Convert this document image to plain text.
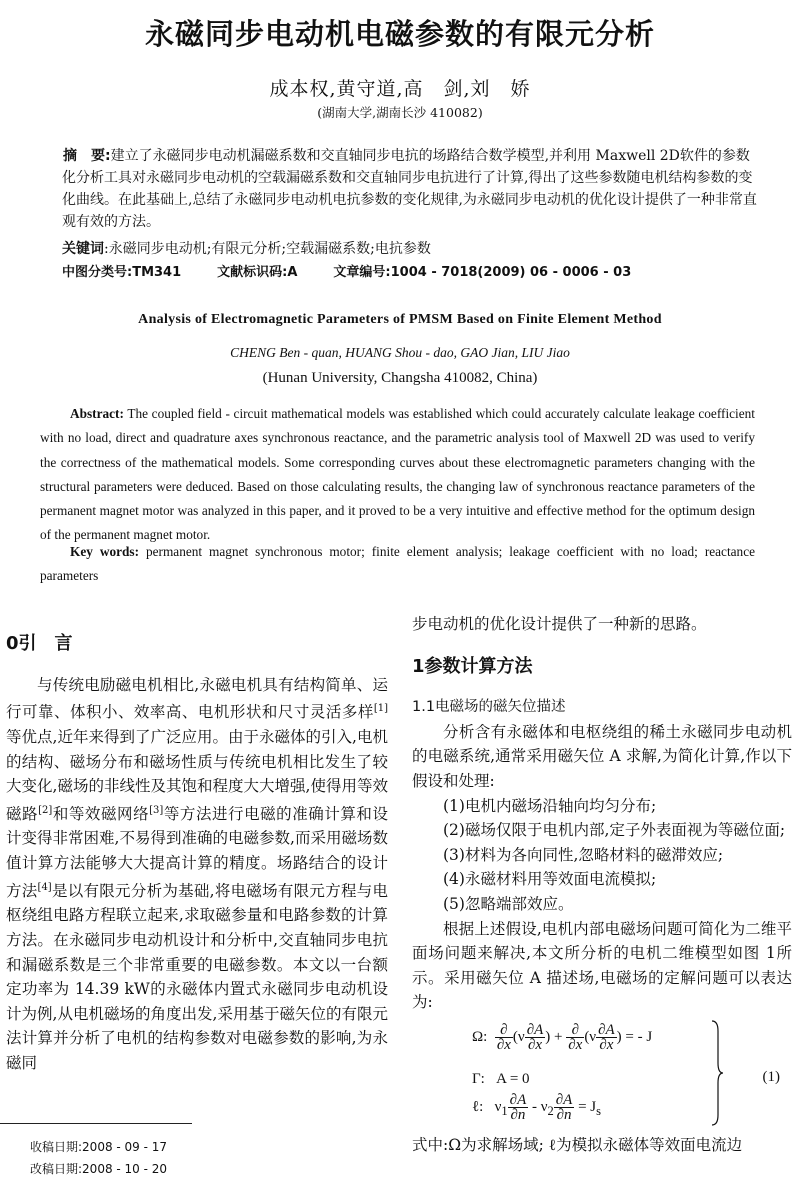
永磁同步电动机电磁参数的有限元分析
成本权,黄守道,高　剑,刘　娇
(湖南大学,湖南长沙 410082)
摘　要:建立了永磁同步电动机漏磁系数和交直轴同步电抗的场路结合数学模型,并利用 Maxwell 2D软件的参数化分析工具对永磁同步电动机的空载漏磁系数和交直轴同步电抗进行了计算,得出了这些参数随电机结构参数的变化曲线。在此基础上,总结了永磁同步电动机电抗参数的变化规律,为永磁同步电动机的优化设计提供了一种非常直观有效的方法。
关键词:永磁同步电动机;有限元分析;空载漏磁系数;电抗参数
中图分类号:TM341	文献标识码:A	文章编号:1004 - 7018(2009) 06 - 0006 - 03
Analysis of Electromagnetic Parameters of PMSM Based on Finite Element Method
CHENG Ben - quan, HUANG Shou - dao, GAO Jian, LIU Jiao
(Hunan University, Changsha 410082, China)
Abstract: The coupled field - circuit mathematical models was established which could accurately calculate leakage coefficient with no load, direct and quadrature axes synchronous reactance, and the parametric analysis tool of Maxwell 2D was used to verify the correctness of the mathematical models. Some corresponding curves about these electromagnetic parameters changing with the structural parameters were deduced. Based on those calculating results, the changing law of synchronous reactance parameters of the permanent magnet motor was analyzed in this paper, and it proved to be a very intuitive and effective method for the optimum design of the permanent magnet motor.
Key words: permanent magnet synchronous motor; finite element analysis; leakage coefficient with no load; reactance parameters
0引　言

与传统电励磁电机相比,永磁电机具有结构简单、运行可靠、体积小、效率高、电机形状和尺寸灵活多样[1]等优点,近年来得到了广泛应用。由于永磁体的引入,电机的结构、磁场分布和磁场性质与传统电机相比发生了较大变化,磁场的非线性及其饱和程度大大增强,使得用等效磁路[2]和等效磁网络[3]等方法进行电磁的准确计算和设计变得非常困难,不易得到准确的电磁参数,而采用磁场数值计算方法能够大大提高计算的精度。场路结合的设计方法[4]是以有限元分析为基础,将电磁场有限元方程与电枢绕组电路方程联立起来,求取磁参量和电路参数的计算方法。在永磁同步电动机设计和分析中,交直轴同步电抗和漏磁系数是三个非常重要的电磁参数。本文以一台额定功率为 14.39 kW的永磁体内置式永磁同步电动机设计为例,从电机磁场的角度出发,采用基于磁矢位的有限元法计算并分析了电机的结构参数对电磁参数的影响,为永磁同

步电动机的优化设计提供了一种新的思路。

1参数计算方法
1.1电磁场的磁矢位描述

分析含有永磁体和电枢绕组的稀土永磁同步电动机的电磁系统,通常采用磁矢位 A 求解,为简化计算,作以下假设和处理:

(1)电机内磁场沿轴向均匀分布;

(2)磁场仅限于电机内部,定子外表面视为等磁位面;

(3)材料为各向同性,忽略材料的磁滞效应;

(4)永磁材料用等效面电流模拟;

(5)忽略端部效应。

根据上述假设,电机内部电磁场问题可简化为二维平面场问题来解决,本文所分析的电机二维模型如图 1所示。采用磁矢位 A 描述场,电磁场的定解问题可以表达为:

Ω: $\frac{\partial}{\partial x} (\nu \frac{\partial A}{\partial x}$ ) + $\frac{\partial}{\partial x} (\nu \frac{\partial A}{\partial x}$ ) = - J
Γ: A = 0
ℓ:   $\nu_1 \frac{\partial A}{\partial n} - \nu_2 \frac{\partial A}{\partial n} = J_s$
(1)

式中:Ω为求解场域; ℓ为模拟永磁体等效面电流边

收稿日期:2008 - 09 - 17
改稿日期:2008 - 10 - 20
